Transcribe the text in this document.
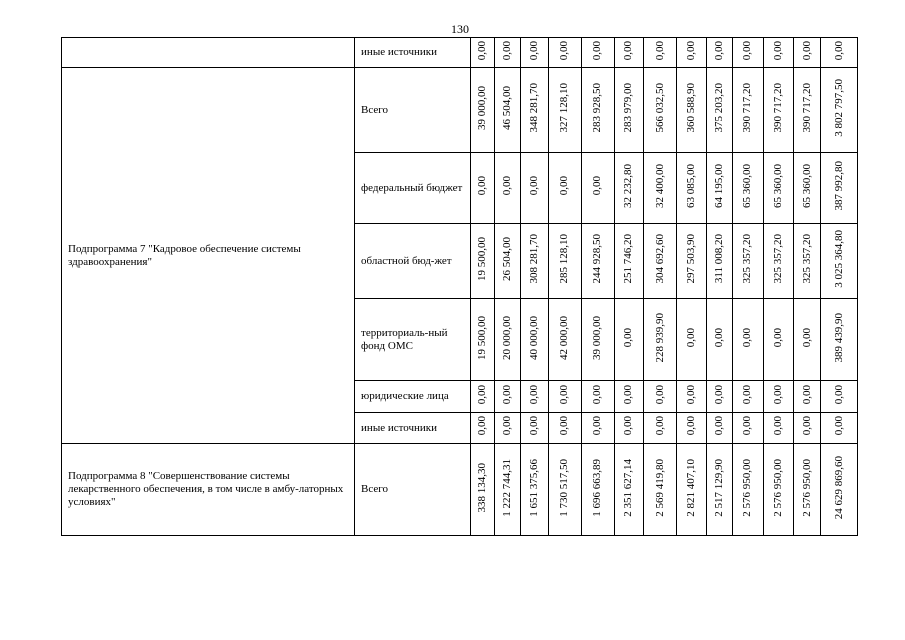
130
	иные источники	0,00	0,00	0,00	0,00	0,00	0,00	0,00	0,00	0,00	0,00	0,00	0,00	0,00
Подпрограмма 7 "Кадровое обеспечение системы здравоохранения"	Всего	39 000,00	46 504,00	348 281,70	327 128,10	283 928,50	283 979,00	566 032,50	360 588,90	375 203,20	390 717,20	390 717,20	390 717,20	3 802 797,50
	федеральный бюджет	0,00	0,00	0,00	0,00	0,00	32 232,80	32 400,00	63 085,00	64 195,00	65 360,00	65 360,00	65 360,00	387 992,80
	областной бюд-жет	19 500,00	26 504,00	308 281,70	285 128,10	244 928,50	251 746,20	304 692,60	297 503,90	311 008,20	325 357,20	325 357,20	325 357,20	3 025 364,80
	территориаль-ный фонд ОМС	19 500,00	20 000,00	40 000,00	42 000,00	39 000,00	0,00	228 939,90	0,00	0,00	0,00	0,00	0,00	389 439,90
	юридические лица	0,00	0,00	0,00	0,00	0,00	0,00	0,00	0,00	0,00	0,00	0,00	0,00	0,00
	иные источники	0,00	0,00	0,00	0,00	0,00	0,00	0,00	0,00	0,00	0,00	0,00	0,00	0,00
Подпрограмма 8 "Совершенствование системы лекарственного обеспечения, в том числе в амбу-латорных условиях"	Всего	338 134,30	1 222 744,31	1 651 375,66	1 730 517,50	1 696 663,89	2 351 627,14	2 569 419,80	2 821 407,10	2 517 129,90	2 576 950,00	2 576 950,00	2 576 950,00	24 629 869,60
